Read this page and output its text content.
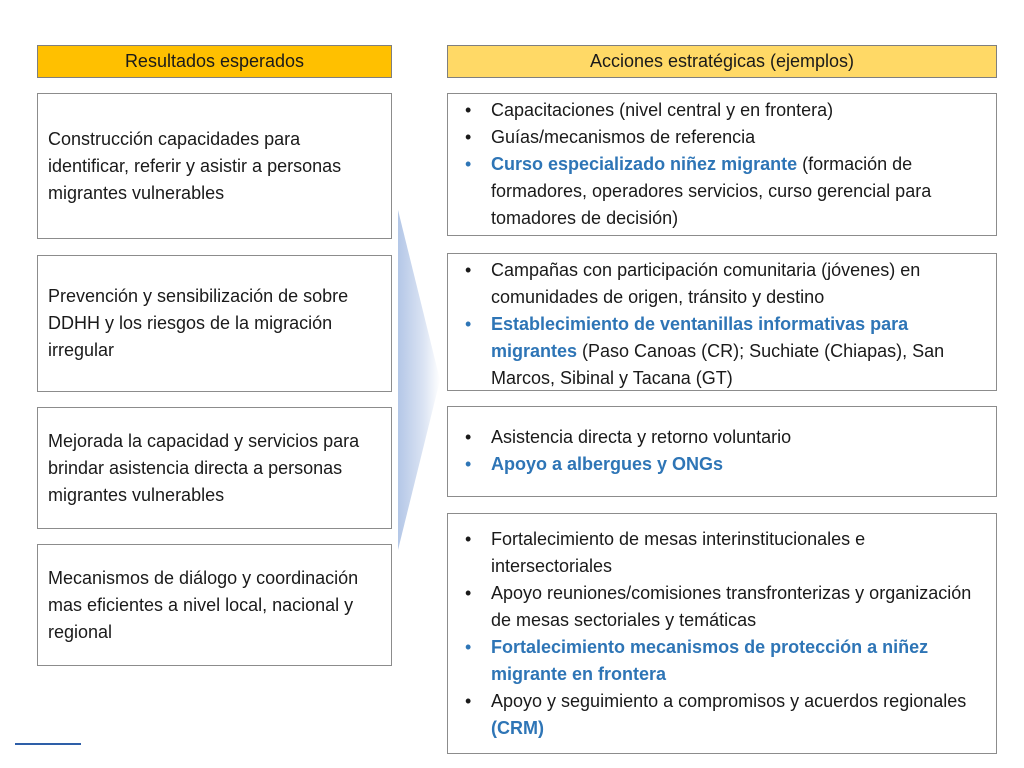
Resultados esperados	Acciones estratégicas (ejemplos)
Construcción capacidades para identificar, referir y asistir a personas migrantes vulnerables
Prevención y sensibilización de sobre DDHH y los riesgos de la migración irregular
Mejorada la capacidad y servicios para brindar asistencia directa a personas migrantes vulnerables
Mecanismos de diálogo y coordinación mas eficientes a nivel local, nacional y regional
• Capacitaciones (nivel central y en frontera)
• Guías/mecanismos de referencia
• Curso especializado niñez migrante (formación de formadores, operadores servicios, curso gerencial para tomadores de decisión)
• Campañas con participación comunitaria (jóvenes) en comunidades de origen, tránsito y destino
• Establecimiento de ventanillas informativas para migrantes (Paso Canoas (CR); Suchiate (Chiapas), San Marcos, Sibinal y Tacana (GT)
• Asistencia directa y retorno voluntario
• Apoyo a albergues y ONGs
• Fortalecimiento de mesas interinstitucionales e intersectoriales
• Apoyo reuniones/comisiones transfronterizas y organización de mesas sectoriales y temáticas
• Fortalecimiento mecanismos de protección a niñez migrante en frontera
• Apoyo y seguimiento a compromisos y acuerdos regionales (CRM)
